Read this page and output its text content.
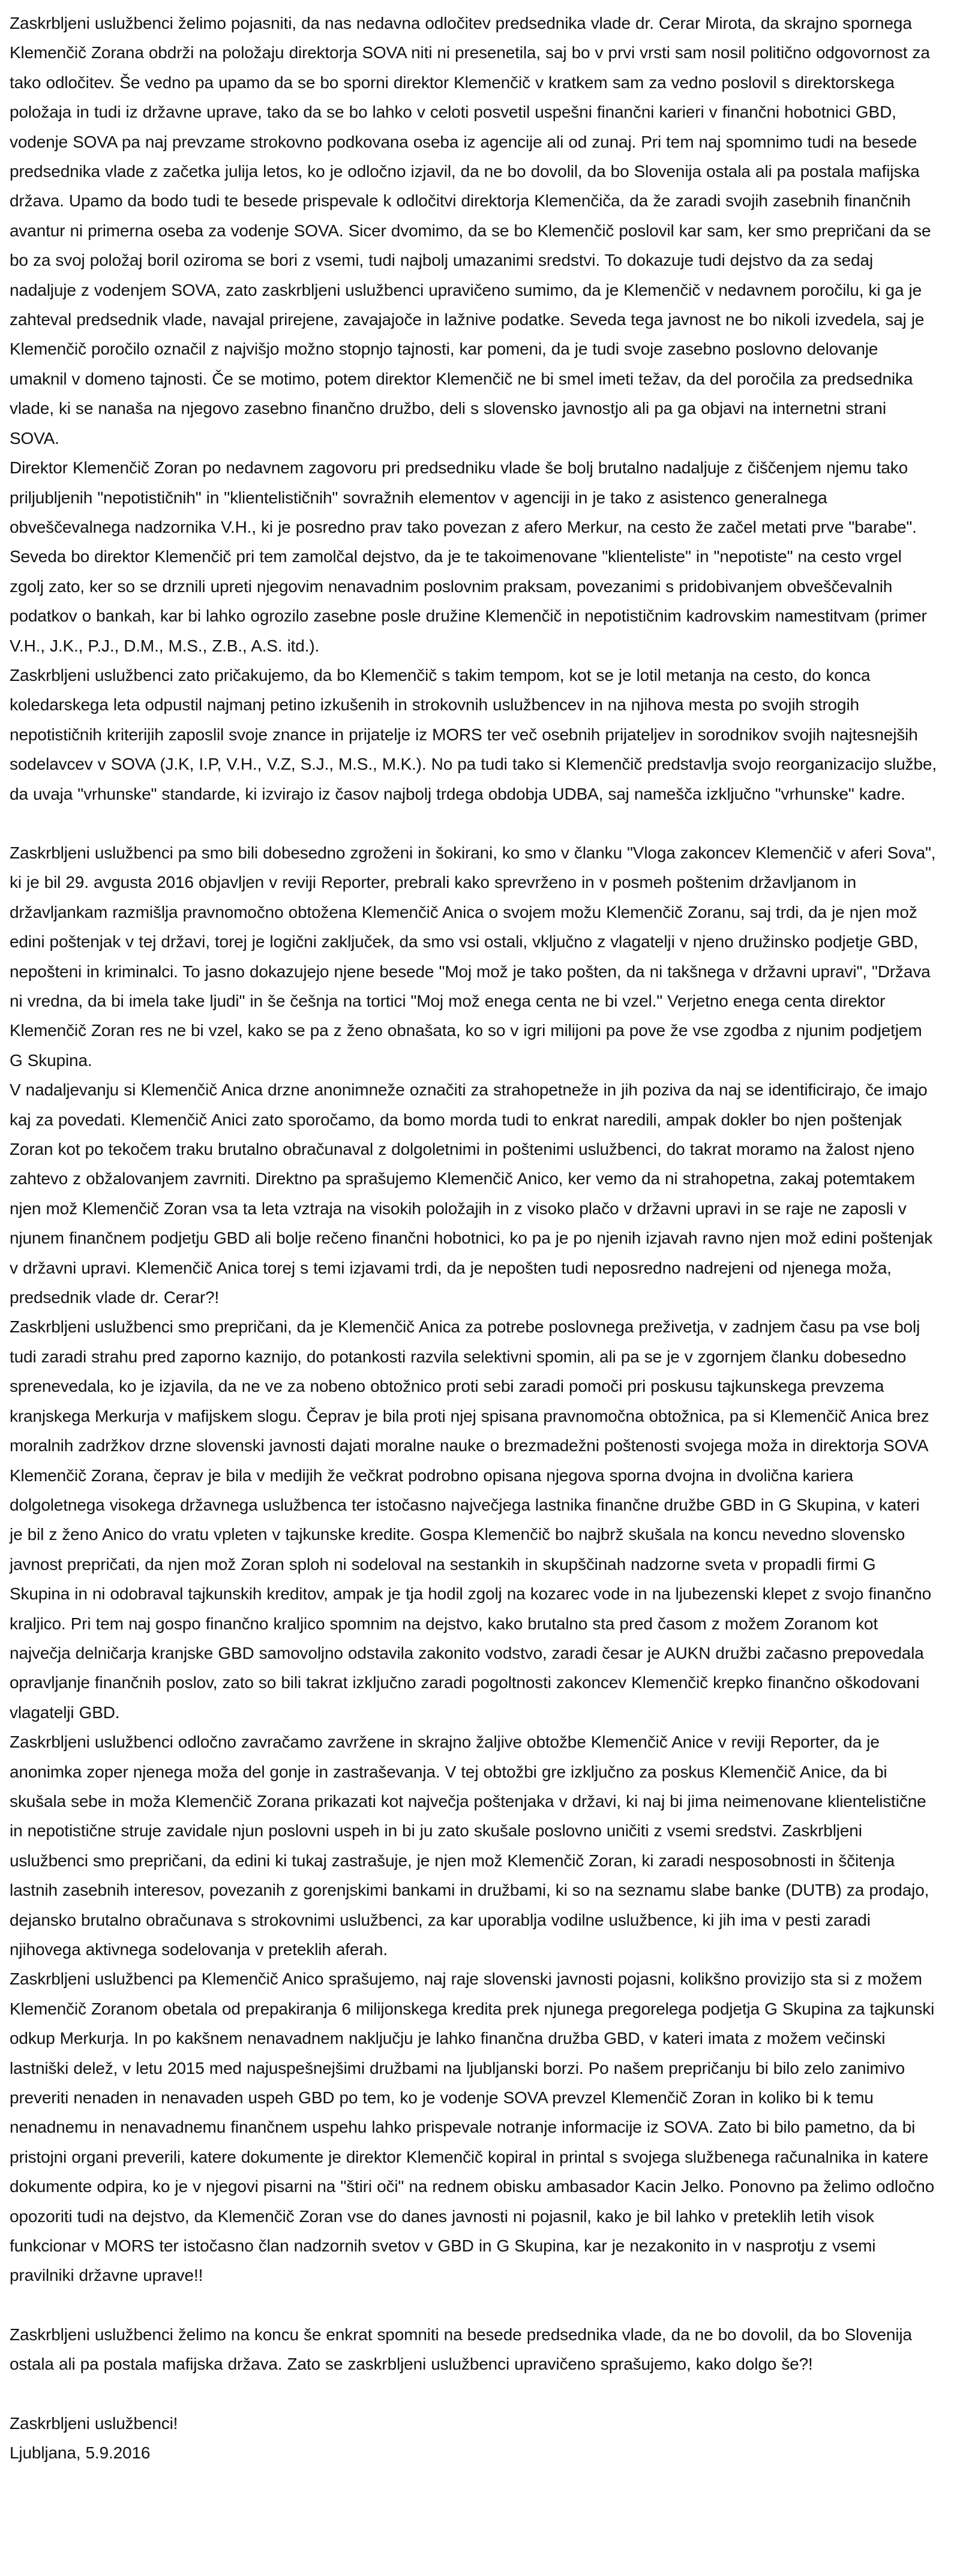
Zaskrbljeni uslužbenci želimo pojasniti, da nas nedavna odločitev predsednika vlade dr. Cerar Mirota, da skrajno spornega Klemenčič Zorana obdrži na položaju direktorja SOVA niti ni presenetila, saj bo v prvi vrsti sam nosil politično odgovornost za tako odločitev. Še vedno pa upamo da se bo sporni direktor Klemenčič v kratkem sam za vedno poslovil s direktorskega položaja in tudi iz državne uprave, tako da se bo lahko v celoti posvetil uspešni finančni karieri v finančni hobotnici GBD, vodenje SOVA pa naj prevzame strokovno podkovana oseba iz agencije ali od zunaj. Pri tem naj spomnimo tudi na besede predsednika vlade z začetka julija letos, ko je odločno izjavil, da ne bo dovolil, da bo Slovenija ostala ali pa postala mafijska država. Upamo da bodo tudi te besede prispevale k odločitvi direktorja Klemenčiča, da že zaradi svojih zasebnih finančnih avantur ni primerna oseba za vodenje SOVA. Sicer dvomimo, da se bo Klemenčič poslovil kar sam, ker smo prepričani da se bo za svoj položaj boril oziroma se bori z vsemi, tudi najbolj umazanimi sredstvi. To dokazuje tudi dejstvo da za sedaj nadaljuje z vodenjem SOVA, zato zaskrbljeni uslužbenci upravičeno sumimo, da je Klemenčič v nedavnem poročilu, ki ga je zahteval predsednik vlade, navajal prirejene, zavajajoče in lažnive podatke. Seveda tega javnost ne bo nikoli izvedela, saj je Klemenčič poročilo označil z najvišjo možno stopnjo tajnosti, kar pomeni, da je tudi svoje zasebno poslovno delovanje umaknil v domeno tajnosti. Če se motimo, potem direktor Klemenčič ne bi smel imeti težav, da del poročila za predsednika vlade, ki se nanaša na njegovo zasebno finančno družbo, deli s slovensko javnostjo ali pa ga objavi na internetni strani SOVA.

Direktor Klemenčič Zoran po nedavnem zagovoru pri predsedniku vlade še bolj brutalno nadaljuje z čiščenjem njemu tako priljubljenih "nepotističnih" in "klientelističnih" sovražnih elementov v agenciji in je tako z asistenco generalnega obveščevalnega nadzornika V.H., ki je posredno prav tako povezan z afero Merkur, na cesto že začel metati prve "barabe". Seveda bo direktor Klemenčič pri tem zamolčal dejstvo, da je te takoimenovane "klienteliste" in "nepotiste" na cesto vrgel zgolj zato, ker so se drznili upreti njegovim nenavadnim poslovnim praksam, povezanimi s pridobivanjem obveščevalnih podatkov o bankah, kar bi lahko ogrozilo zasebne posle družine Klemenčič in nepotističnim kadrovskim namestitvam (primer V.H., J.K., P.J., D.M., M.S., Z.B., A.S. itd.).

Zaskrbljeni uslužbenci zato pričakujemo, da bo Klemenčič s takim tempom, kot se je lotil metanja na cesto, do konca koledarskega leta odpustil najmanj petino izkušenih in strokovnih uslužbencev in na njihova mesta po svojih strogih nepotističnih kriterijih zaposlil svoje znance in prijatelje iz MORS ter več osebnih prijateljev in sorodnikov svojih najtesnejših sodelavcev v SOVA (J.K, I.P, V.H., V.Z, S.J., M.S., M.K.). No pa tudi tako si Klemenčič predstavlja svojo reorganizacijo službe, da uvaja "vrhunske" standarde, ki izvirajo iz časov najbolj trdega obdobja UDBA, saj namešča izključno "vrhunske" kadre.

Zaskrbljeni uslužbenci pa smo bili dobesedno zgroženi in šokirani, ko smo v članku "Vloga zakoncev Klemenčič v aferi Sova", ki je bil 29. avgusta 2016 objavljen v reviji Reporter, prebrali kako sprevrženo in v posmeh poštenim državljanom in državljankam razmišlja pravnomočno obtožena Klemenčič Anica o svojem možu Klemenčič Zoranu, saj trdi, da je njen mož edini poštenjak v tej državi, torej je logični zaključek, da smo vsi ostali, vključno z vlagatelji v njeno družinsko podjetje GBD, nepošteni in kriminalci. To jasno dokazujejo njene besede "Moj mož je tako pošten, da ni takšnega v državni upravi", "Država ni vredna, da bi imela take ljudi" in še češnja na tortici "Moj mož enega centa ne bi vzel." Verjetno enega centa direktor Klemenčič Zoran res ne bi vzel, kako se pa z ženo obnašata, ko so v igri milijoni pa pove že vse zgodba z njunim podjetjem G Skupina.

V nadaljevanju si Klemenčič Anica drzne anonimneže označiti za strahopetneže in jih poziva da naj se identificirajo, če imajo kaj za povedati. Klemenčič Anici zato sporočamo, da bomo morda tudi to enkrat naredili, ampak dokler bo njen poštenjak Zoran kot po tekočem traku brutalno obračunaval z dolgoletnimi in poštenimi uslužbenci, do takrat moramo na žalost njeno zahtevo z obžalovanjem zavrniti. Direktno pa sprašujemo Klemenčič Anico, ker vemo da ni strahopetna, zakaj potemtakem njen mož Klemenčič Zoran vsa ta leta vztraja na visokih položajih in z visoko plačo v državni upravi in se raje ne zaposli v njunem finančnem podjetju GBD ali bolje rečeno finančni hobotnici, ko pa je po njenih izjavah ravno njen mož edini poštenjak v državni upravi. Klemenčič Anica torej s temi izjavami trdi, da je nepošten tudi neposredno nadrejeni od njenega moža, predsednik vlade dr. Cerar?!

Zaskrbljeni uslužbenci smo prepričani, da je Klemenčič Anica za potrebe poslovnega preživetja, v zadnjem času pa vse bolj tudi zaradi strahu pred zaporno kaznijo, do potankosti razvila selektivni spomin, ali pa se je v zgornjem članku dobesedno sprenevedala, ko je izjavila, da ne ve za nobeno obtožnico proti sebi zaradi pomoči pri poskusu tajkunskega prevzema kranjskega Merkurja v mafijskem slogu. Čeprav je bila proti njej spisana pravnomočna obtožnica, pa si Klemenčič Anica brez moralnih zadržkov drzne slovenski javnosti dajati moralne nauke o brezmadežni poštenosti svojega moža in direktorja SOVA Klemenčič Zorana, čeprav je bila v medijih že večkrat podrobno opisana njegova sporna dvojna in dvolična kariera dolgoletnega visokega državnega uslužbenca ter istočasno največjega lastnika finančne družbe GBD in G Skupina, v kateri je bil z ženo Anico do vratu vpleten v tajkunske kredite. Gospa Klemenčič bo najbrž skušala na koncu nevedno slovensko javnost prepričati, da njen mož Zoran sploh ni sodeloval na sestankih in skupščinah nadzorne sveta v propadli firmi G Skupina in ni odobraval tajkunskih kreditov, ampak je tja hodil zgolj na kozarec vode in na ljubezenski klepet z svojo finančno kraljico. Pri tem naj gospo finančno kraljico spomnim na dejstvo, kako brutalno sta pred časom z možem Zoranom kot največja delničarja kranjske GBD samovoljno odstavila zakonito vodstvo, zaradi česar je AUKN družbi začasno prepovedala opravljanje finančnih poslov, zato so bili takrat izključno zaradi pogoltnosti zakoncev Klemenčič krepko finančno oškodovani vlagatelji GBD.

Zaskrbljeni uslužbenci odločno zavračamo zavržene in skrajno žaljive obtožbe Klemenčič Anice v reviji Reporter, da je anonimka zoper njenega moža del gonje in zastraševanja. V tej obtožbi gre izključno za poskus Klemenčič Anice, da bi skušala sebe in moža Klemenčič Zorana prikazati kot največja poštenjaka v državi, ki naj bi jima neimenovane klientelistične in nepotistične struje zavidale njun poslovni uspeh in bi ju zato skušale poslovno uničiti z vsemi sredstvi. Zaskrbljeni uslužbenci smo prepričani, da edini ki tukaj zastrašuje, je njen mož Klemenčič Zoran, ki zaradi nesposobnosti in ščitenja lastnih zasebnih interesov, povezanih z gorenjskimi bankami in družbami, ki so na seznamu slabe banke (DUTB) za prodajo, dejansko brutalno obračunava s strokovnimi uslužbenci, za kar uporablja vodilne uslužbence, ki jih ima v pesti zaradi njihovega aktivnega sodelovanja v preteklih aferah.

Zaskrbljeni uslužbenci pa Klemenčič Anico sprašujemo, naj raje slovenski javnosti pojasni, kolikšno provizijo sta si z možem Klemenčič Zoranom obetala od prepakiranja 6 milijonskega kredita prek njunega pregorelega podjetja G Skupina za tajkunski odkup Merkurja. In po kakšnem nenavadnem naključju je lahko finančna družba GBD, v kateri imata z možem večinski lastniški delež, v letu 2015 med najuspešnejšimi družbami na ljubljanski borzi. Po našem prepričanju bi bilo zelo zanimivo preveriti nenaden in nenavaden uspeh GBD po tem, ko je vodenje SOVA prevzel Klemenčič Zoran in koliko bi k temu nenadnemu in nenavadnemu finančnem uspehu lahko prispevale notranje informacije iz SOVA. Zato bi bilo pametno, da bi pristojni organi preverili, katere dokumente je direktor Klemenčič kopiral in printal s svojega službenega računalnika in katere dokumente odpira, ko je v njegovi pisarni na "štiri oči" na rednem obisku ambasador Kacin Jelko. Ponovno pa želimo odločno opozoriti tudi na dejstvo, da Klemenčič Zoran vse do danes javnosti ni pojasnil, kako je bil lahko v preteklih letih visok funkcionar v MORS ter istočasno član nadzornih svetov v GBD in G Skupina, kar je nezakonito in v nasprotju z vsemi pravilniki državne uprave!!

Zaskrbljeni uslužbenci želimo na koncu še enkrat spomniti na besede predsednika vlade, da ne bo dovolil, da bo Slovenija ostala ali pa postala mafijska država. Zato se zaskrbljeni uslužbenci upravičeno sprašujemo, kako dolgo še?!

Zaskrbljeni uslužbenci!

Ljubljana, 5.9.2016
